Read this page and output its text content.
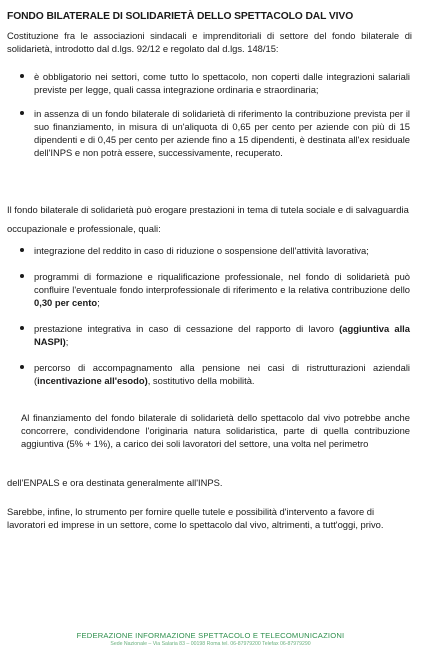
FONDO BILATERALE DI SOLIDARIETÀ DELLO SPETTACOLO DAL VIVO

Costituzione fra le associazioni sindacali e imprenditoriali di settore del fondo bilaterale di solidarietà, introdotto dal d.lgs. 92/12 e regolato dal d.lgs. 148/15:

è obbligatorio nei settori, come tutto lo spettacolo, non coperti dalle integrazioni salariali previste per legge, quali cassa integrazione ordinaria e straordinaria;
in assenza di un fondo bilaterale di solidarietà di riferimento la contribuzione prevista per il suo finanziamento, in misura di un'aliquota di 0,65 per cento per aziende con più di 15 dipendenti e di 0,45 per cento per aziende fino a 15 dipendenti, è destinata all'ex residuale dell'INPS e non potrà essere, successivamente, recuperato.

Il fondo bilaterale di solidarietà può erogare prestazioni in tema di tutela sociale e di salvaguardia occupazionale e professionale, quali:

integrazione del reddito in caso di riduzione o sospensione dell'attività lavorativa;
programmi di formazione e riqualificazione professionale, nel fondo di solidarietà può confluire l'eventuale fondo interprofessionale di riferimento e la relativa contribuzione dello 0,30 per cento;
prestazione integrativa in caso di cessazione del rapporto di lavoro (aggiuntiva alla NASPI);
percorso di accompagnamento alla pensione nei casi di ristrutturazioni aziendali (incentivazione all'esodo), sostitutivo della mobilità.

Al finanziamento del fondo bilaterale di solidarietà dello spettacolo dal vivo potrebbe anche concorrere, condividendone l'originaria natura solidaristica, parte di quella contribuzione aggiuntiva (5% + 1%), a carico dei soli lavoratori del settore, una volta nel perimetro

dell'ENPALS e ora destinata generalmente all'INPS.

Sarebbe, infine, lo strumento per fornire quelle tutele e possibilità d'intervento a favore di lavoratori ed imprese in un settore, come lo spettacolo dal vivo, altrimenti, a tutt'oggi, privo.

FEDERAZIONE INFORMAZIONE SPETTACOLO E TELECOMUNICAZIONI
Sede Nazionale – Via Salaria 83 – 00198 Roma tel. 06-87979200 Telefax 06-87979290
